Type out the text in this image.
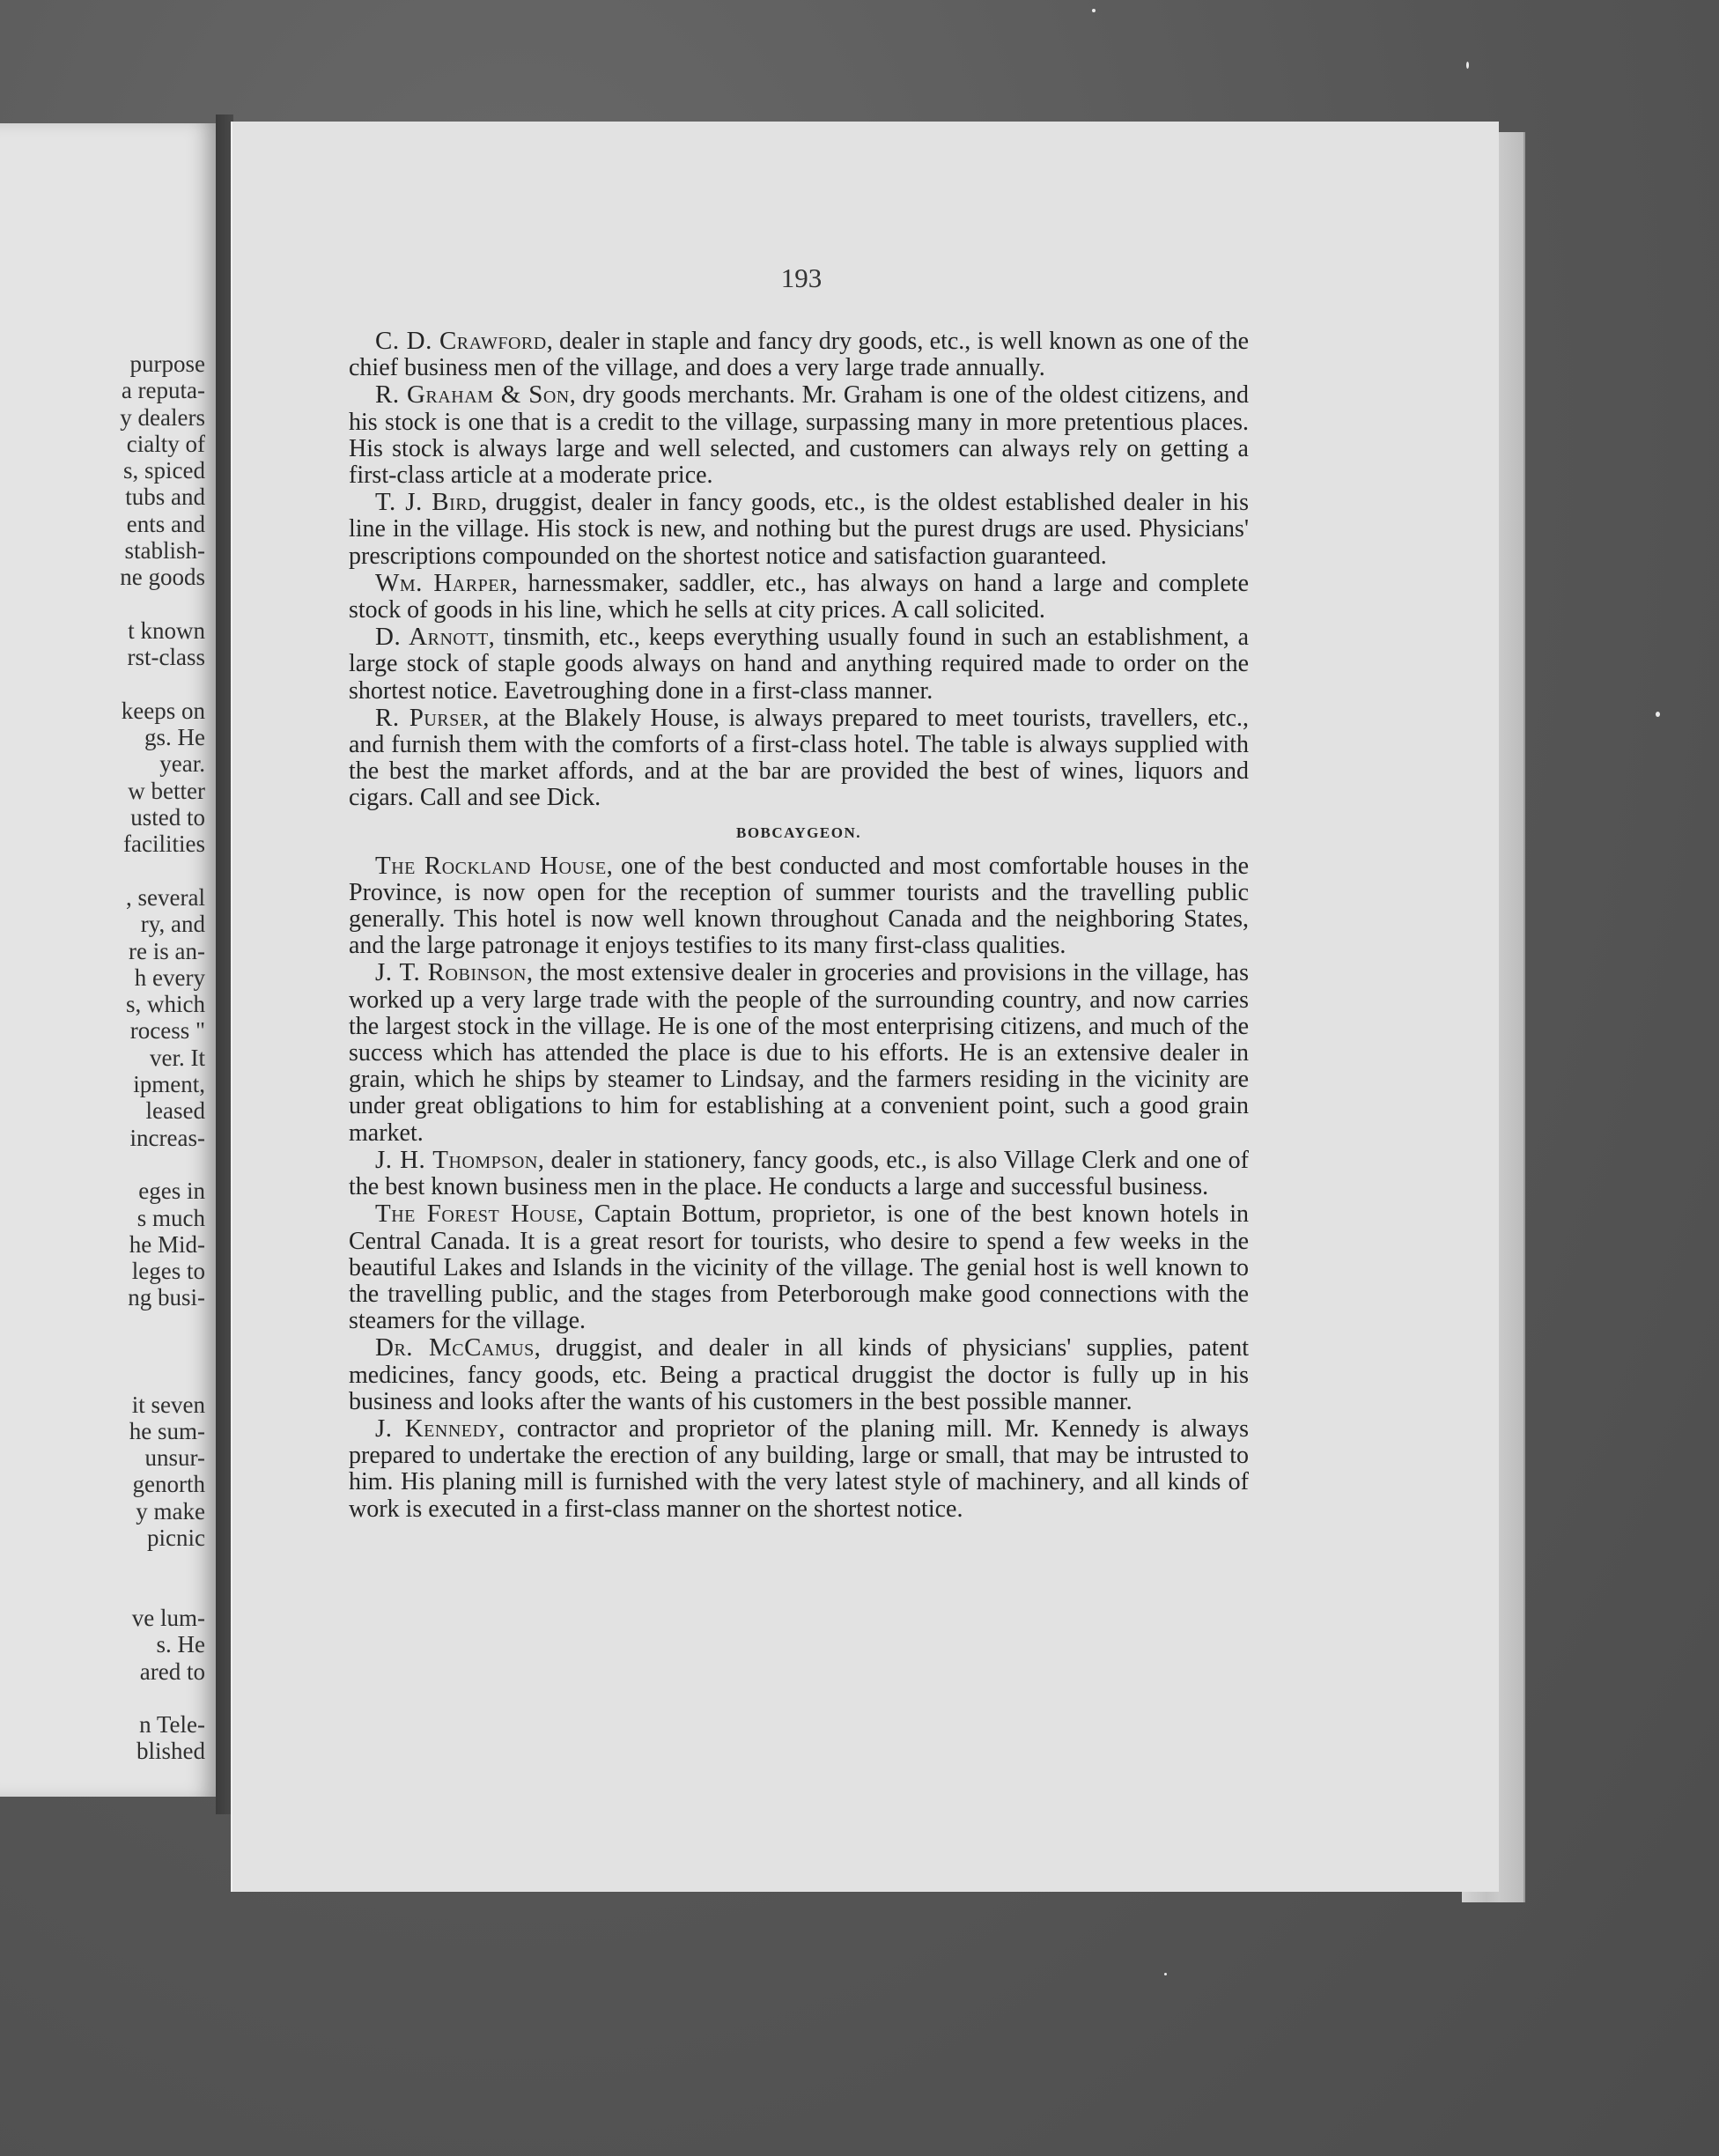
purpose
a reputa-
y dealers
cialty of
s, spiced
tubs and
ents and
stablish-
ne goods
t known
rst-class
keeps on
gs. He
year.
w better
usted to
facilities
, several
ry, and
re is an-
h every
s, which
rocess "
ver. It
ipment,
leased
increas-
eges in
s much
he Mid-
leges to
ng busi-
it seven
he sum-
unsur-
genorth
y make
picnic
ve lum-
s. He
ared to
n Tele-
blished
193

C. D. Crawford, dealer in staple and fancy dry goods, etc., is well known as one of the chief business men of the village, and does a very large trade annually.

R. Graham & Son, dry goods merchants. Mr. Graham is one of the oldest citizens, and his stock is one that is a credit to the village, surpassing many in more pretentious places. His stock is always large and well selected, and customers can always rely on getting a first-class article at a moderate price.

T. J. Bird, druggist, dealer in fancy goods, etc., is the oldest established dealer in his line in the village. His stock is new, and nothing but the purest drugs are used. Physicians' prescriptions compounded on the shortest notice and satisfaction guaranteed.

Wm. Harper, harnessmaker, saddler, etc., has always on hand a large and complete stock of goods in his line, which he sells at city prices. A call solicited.

D. Arnott, tinsmith, etc., keeps everything usually found in such an establishment, a large stock of staple goods always on hand and anything required made to order on the shortest notice. Eavetroughing done in a first-class manner.

R. Purser, at the Blakely House, is always prepared to meet tourists, travellers, etc., and furnish them with the comforts of a first-class hotel. The table is always supplied with the best the market affords, and at the bar are provided the best of wines, liquors and cigars. Call and see Dick.

BOBCAYGEON.

The Rockland House, one of the best conducted and most comfortable houses in the Province, is now open for the reception of summer tourists and the travelling public generally. This hotel is now well known throughout Canada and the neighboring States, and the large patronage it enjoys testifies to its many first-class qualities.

J. T. Robinson, the most extensive dealer in groceries and provisions in the village, has worked up a very large trade with the people of the surrounding country, and now carries the largest stock in the village. He is one of the most enterprising citizens, and much of the success which has attended the place is due to his efforts. He is an extensive dealer in grain, which he ships by steamer to Lindsay, and the farmers residing in the vicinity are under great obligations to him for establishing at a convenient point, such a good grain market.

J. H. Thompson, dealer in stationery, fancy goods, etc., is also Village Clerk and one of the best known business men in the place. He conducts a large and successful business.

The Forest House, Captain Bottum, proprietor, is one of the best known hotels in Central Canada. It is a great resort for tourists, who desire to spend a few weeks in the beautiful Lakes and Islands in the vicinity of the village. The genial host is well known to the travelling public, and the stages from Peterborough make good connections with the steamers for the village.

Dr. McCamus, druggist, and dealer in all kinds of physicians' supplies, patent medicines, fancy goods, etc. Being a practical druggist the doctor is fully up in his business and looks after the wants of his customers in the best possible manner.

J. Kennedy, contractor and proprietor of the planing mill. Mr. Kennedy is always prepared to undertake the erection of any building, large or small, that may be intrusted to him. His planing mill is furnished with the very latest style of machinery, and all kinds of work is executed in a first-class manner on the shortest notice.
